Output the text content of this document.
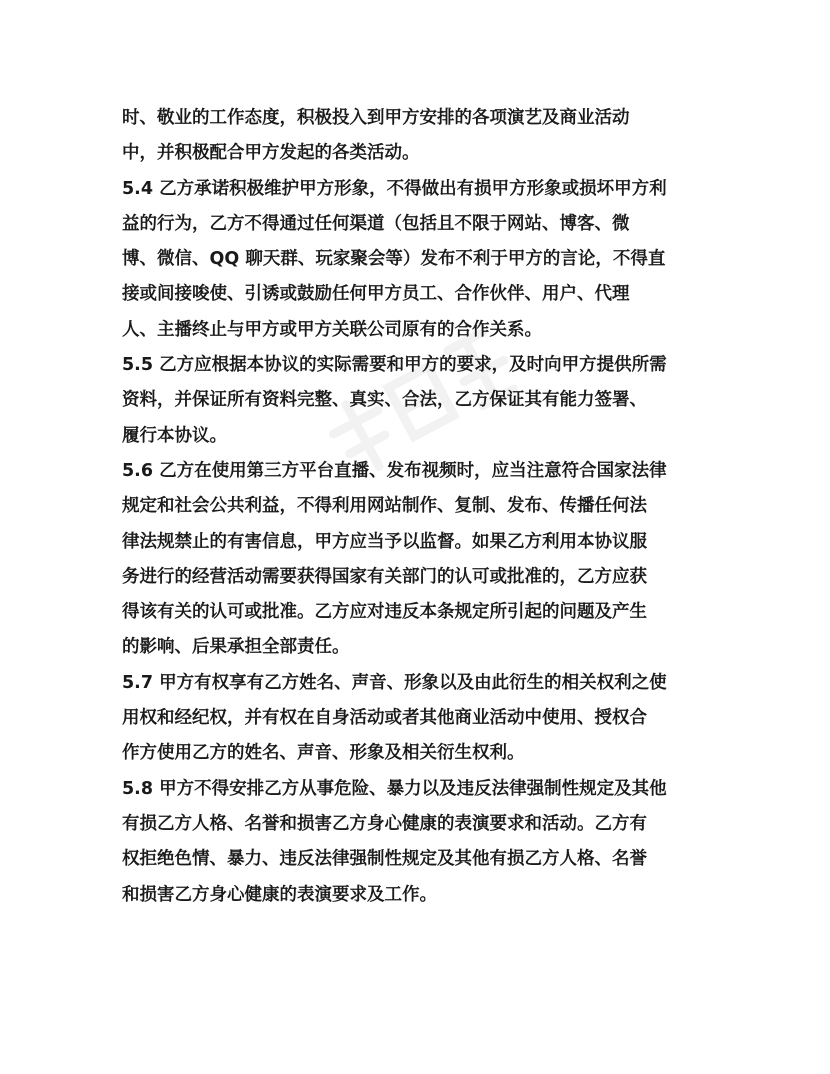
时、敬业的工作态度，积极投入到甲方安排的各项演艺及商业活动
中，并积极配合甲方发起的各类活动。
5.4 乙方承诺积极维护甲方形象，不得做出有损甲方形象或损坏甲方利
益的行为，乙方不得通过任何渠道（包括且不限于网站、博客、微
博、微信、QQ 聊天群、玩家聚会等）发布不利于甲方的言论，不得直
接或间接唆使、引诱或鼓励任何甲方员工、合作伙伴、用户、代理
人、主播终止与甲方或甲方关联公司原有的合作关系。
5.5 乙方应根据本协议的实际需要和甲方的要求，及时向甲方提供所需
资料，并保证所有资料完整、真实、合法，乙方保证其有能力签署、
履行本协议。
5.6 乙方在使用第三方平台直播、发布视频时，应当注意符合国家法律
规定和社会公共利益，不得利用网站制作、复制、发布、传播任何法
律法规禁止的有害信息，甲方应当予以监督。如果乙方利用本协议服
务进行的经营活动需要获得国家有关部门的认可或批准的，乙方应获
得该有关的认可或批准。乙方应对违反本条规定所引起的问题及产生
的影响、后果承担全部责任。
5.7 甲方有权享有乙方姓名、声音、形象以及由此衍生的相关权利之使
用权和经纪权，并有权在自身活动或者其他商业活动中使用、授权合
作方使用乙方的姓名、声音、形象及相关衍生权利。
5.8 甲方不得安排乙方从事危险、暴力以及违反法律强制性规定及其他
有损乙方人格、名誉和损害乙方身心健康的表演要求和活动。乙方有
权拒绝色情、暴力、违反法律强制性规定及其他有损乙方人格、名誉
和损害乙方身心健康的表演要求及工作。
